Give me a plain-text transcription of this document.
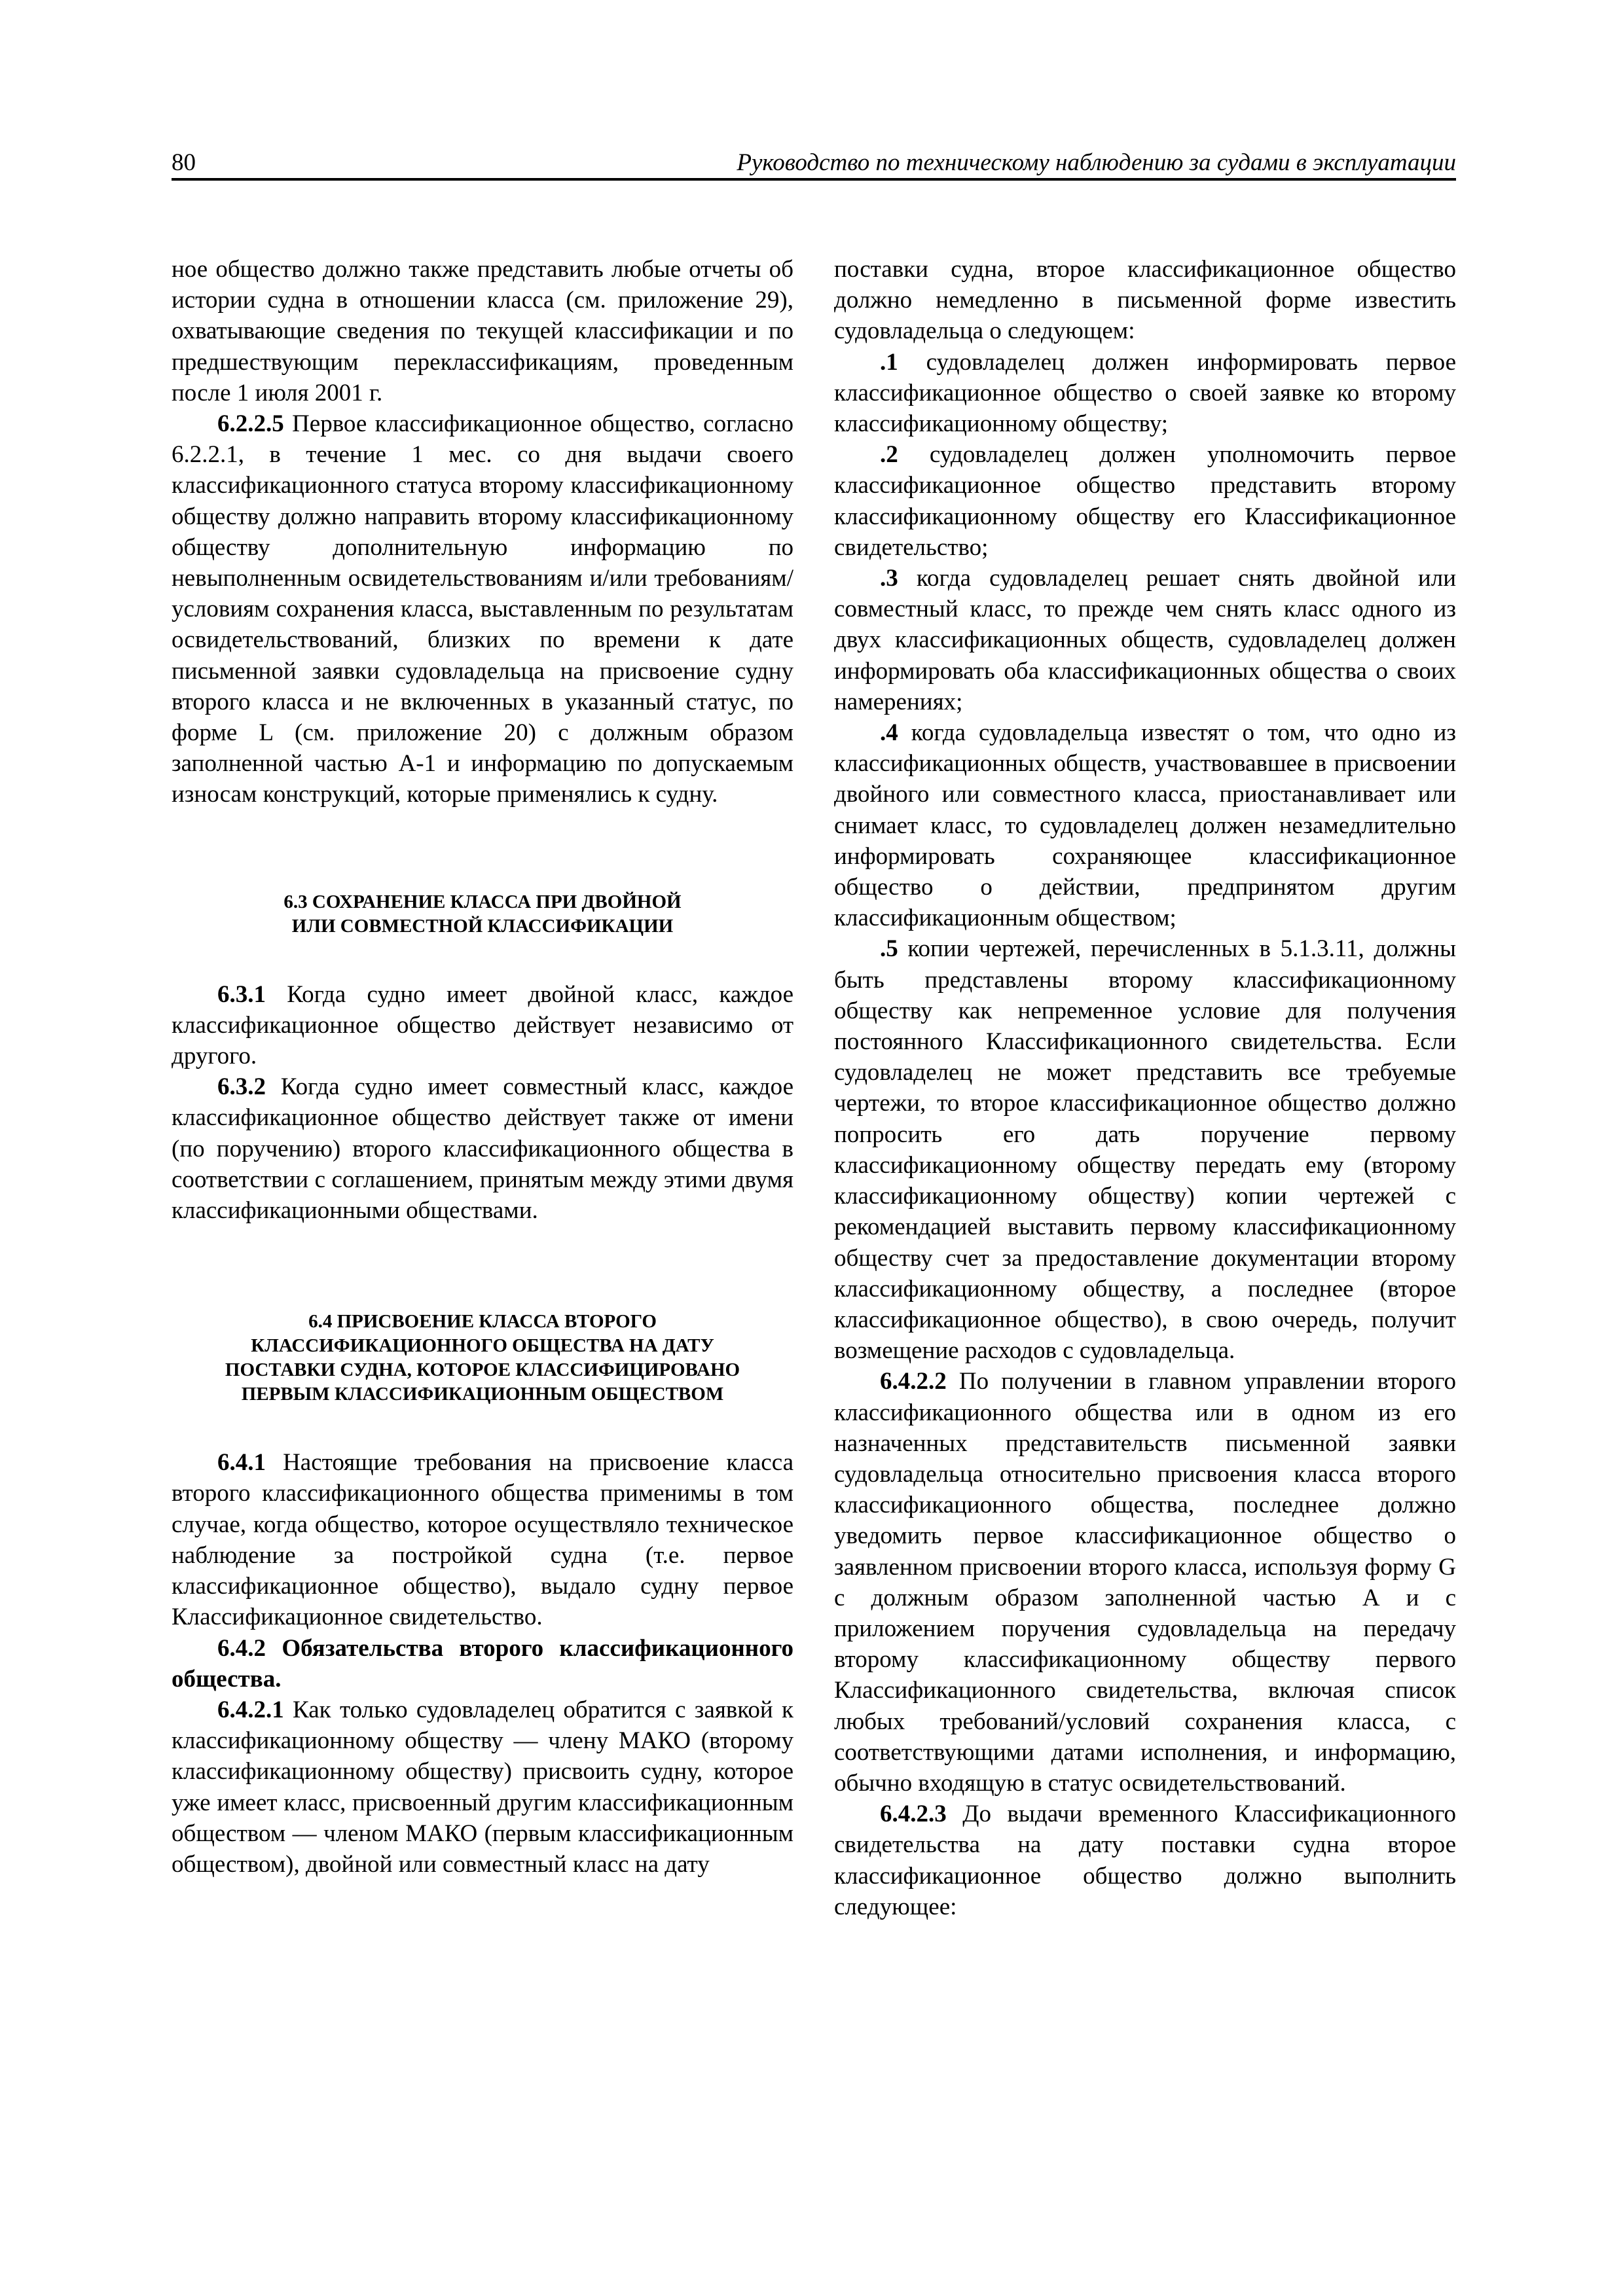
80	Руководство по техническому наблюдению за судами в эксплуатации

ное общество должно также представить любые отчеты об истории судна в отношении класса (см. приложение 29), охватывающие сведения по текущей классификации и по предшествующим переклассификациям, проведенным после 1 июля 2001 г.

6.2.2.5 Первое классификационное общество, согласно 6.2.2.1, в течение 1 мес. со дня выдачи своего классификационного статуса второму классификационному обществу должно направить второму классификационному обществу дополнительную информацию по невыполненным освидетельствованиям и/или требованиям/условиям сохранения класса, выставленным по результатам освидетельствований, близких по времени к дате письменной заявки судовладельца на присвоение судну второго класса и не включенных в указанный статус, по форме L (см. приложение 20) с должным образом заполненной частью А-1 и информацию по допускаемым износам конструкций, которые применялись к судну.

6.3 СОХРАНЕНИЕ КЛАССА ПРИ ДВОЙНОЙ
ИЛИ СОВМЕСТНОЙ КЛАССИФИКАЦИИ

6.3.1 Когда судно имеет двойной класс, каждое классификационное общество действует независимо от другого.

6.3.2 Когда судно имеет совместный класс, каждое классификационное общество действует также от имени (по поручению) второго классификационного общества в соответствии с соглашением, принятым между этими двумя классификационными обществами.

6.4 ПРИСВОЕНИЕ КЛАССА ВТОРОГО
КЛАССИФИКАЦИОННОГО ОБЩЕСТВА НА ДАТУ
ПОСТАВКИ СУДНА, КОТОРОЕ КЛАССИФИЦИРОВАНО
ПЕРВЫМ КЛАССИФИКАЦИОННЫМ ОБЩЕСТВОМ

6.4.1 Настоящие требования на присвоение класса второго классификационного общества применимы в том случае, когда общество, которое осуществляло техническое наблюдение за постройкой судна (т.е. первое классификационное общество), выдало судну первое Классификационное свидетельство.

6.4.2 Обязательства второго классификационного общества.

6.4.2.1 Как только судовладелец обратится с заявкой к классификационному обществу — члену МАКО (второму классификационному обществу) присвоить судну, которое уже имеет класс, присвоенный другим классификационным обществом — членом МАКО (первым классификационным обществом), двойной или совместный класс на дату

поставки судна, второе классификационное общество должно немедленно в письменной форме известить судовладельца о следующем:

.1 судовладелец должен информировать первое классификационное общество о своей заявке ко второму классификационному обществу;

.2 судовладелец должен уполномочить первое классификационное общество представить второму классификационному обществу его Классификационное свидетельство;

.3 когда судовладелец решает снять двойной или совместный класс, то прежде чем снять класс одного из двух классификационных обществ, судовладелец должен информировать оба классификационных общества о своих намерениях;

.4 когда судовладельца известят о том, что одно из классификационных обществ, участвовавшее в присвоении двойного или совместного класса, приостанавливает или снимает класс, то судовладелец должен незамедлительно информировать сохраняющее классификационное общество о действии, предпринятом другим классификационным обществом;

.5 копии чертежей, перечисленных в 5.1.3.11, должны быть представлены второму классификационному обществу как непременное условие для получения постоянного Классификационного свидетельства. Если судовладелец не может представить все требуемые чертежи, то второе классификационное общество должно попросить его дать поручение первому классификационному обществу передать ему (второму классификационному обществу) копии чертежей с рекомендацией выставить первому классификационному обществу счет за предоставление документации второму классификационному обществу, а последнее (второе классификационное общество), в свою очередь, получит возмещение расходов с судовладельца.

6.4.2.2 По получении в главном управлении второго классификационного общества или в одном из его назначенных представительств письменной заявки судовладельца относительно присвоения класса второго классификационного общества, последнее должно уведомить первое классификационное общество о заявленном присвоении второго класса, используя форму G с должным образом заполненной частью А и с приложением поручения судовладельца на передачу второму классификационному обществу первого Классификационного свидетельства, включая список любых требований/условий сохранения класса, с соответствующими датами исполнения, и информацию, обычно входящую в статус освидетельствований.

6.4.2.3 До выдачи временного Классификационного свидетельства на дату поставки судна второе классификационное общество должно выполнить следующее:
